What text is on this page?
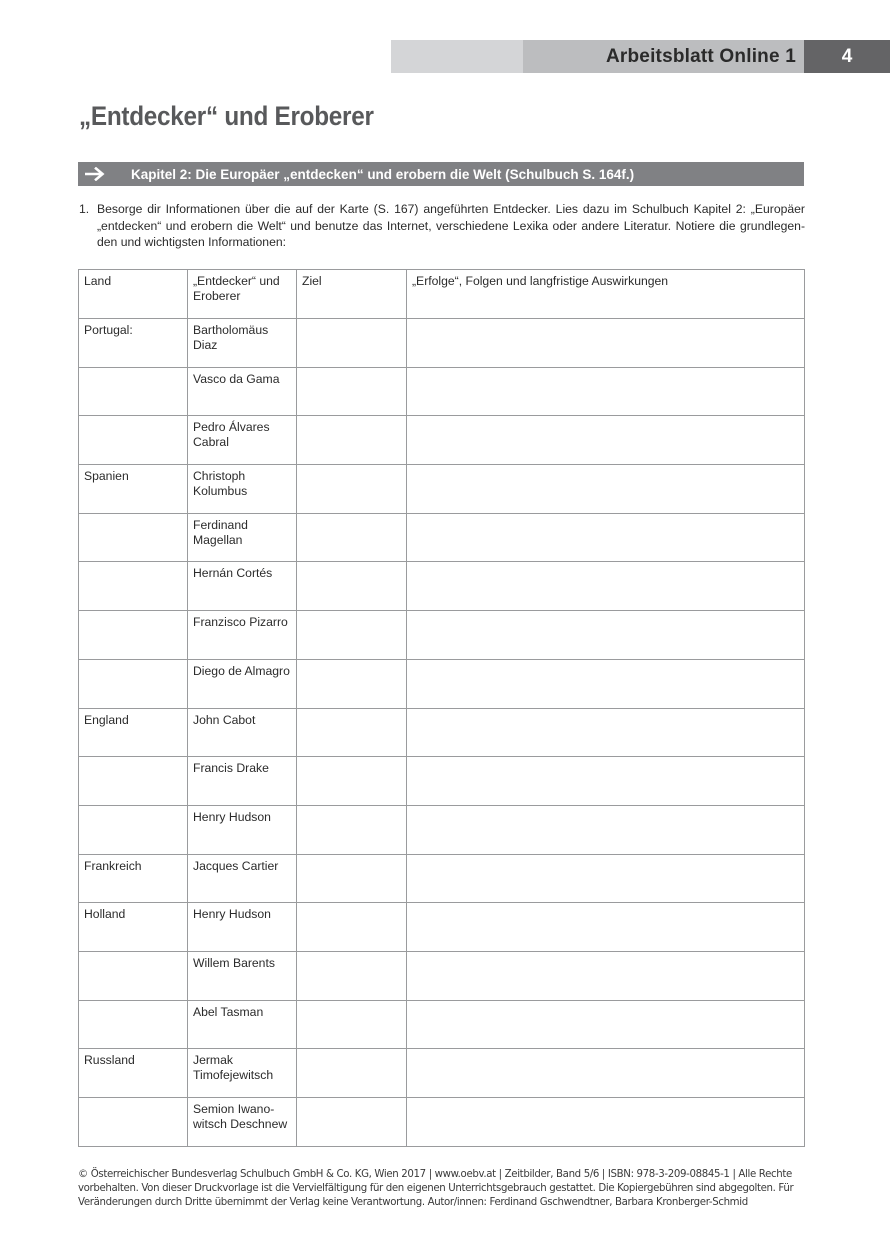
Arbeitsblatt Online 1	4
„Entdecker“ und Eroberer
Kapitel 2: Die Europäer „entdecken“ und erobern die Welt (Schulbuch S. 164f.)
1. Besorge dir Informationen über die auf der Karte (S. 167) angeführten Entdecker. Lies dazu im Schulbuch Kapitel 2: „Europäer „entdecken“ und erobern die Welt“ und benutze das Internet, verschiedene Lexika oder andere Literatur. Notiere die grundlegen-den und wichtigsten Informationen:
Land	„Entdecker“ und Eroberer	Ziel	„Erfolge“, Folgen und langfristige Auswirkungen
Portugal:	Bartholomäus Diaz		
	Vasco da Gama		
	Pedro Álvares Cabral		
Spanien	Christoph Kolumbus		
	Ferdinand Magellan		
	Hernán Cortés		
	Franzisco Pizarro		
	Diego de Almagro		
England	John Cabot		
	Francis Drake		
	Henry Hudson		
Frankreich	Jacques Cartier		
Holland	Henry Hudson		
	Willem Barents		
	Abel Tasman		
Russland	Jermak Timofejewitsch		
	Semion Iwano-witsch Deschnew		
© Österreichischer Bundesverlag Schulbuch GmbH & Co. KG, Wien 2017 | www.oebv.at | Zeitbilder, Band 5/6 | ISBN: 978-3-209-08845-1 | Alle Rechte
vorbehalten. Von dieser Druckvorlage ist die Vervielfältigung für den eigenen Unterrichtsgebrauch gestattet. Die Kopiergebühren sind abgegolten. Für
Veränderungen durch Dritte übernimmt der Verlag keine Verantwortung. Autor/innen: Ferdinand Gschwendtner, Barbara Kronberger-Schmid
